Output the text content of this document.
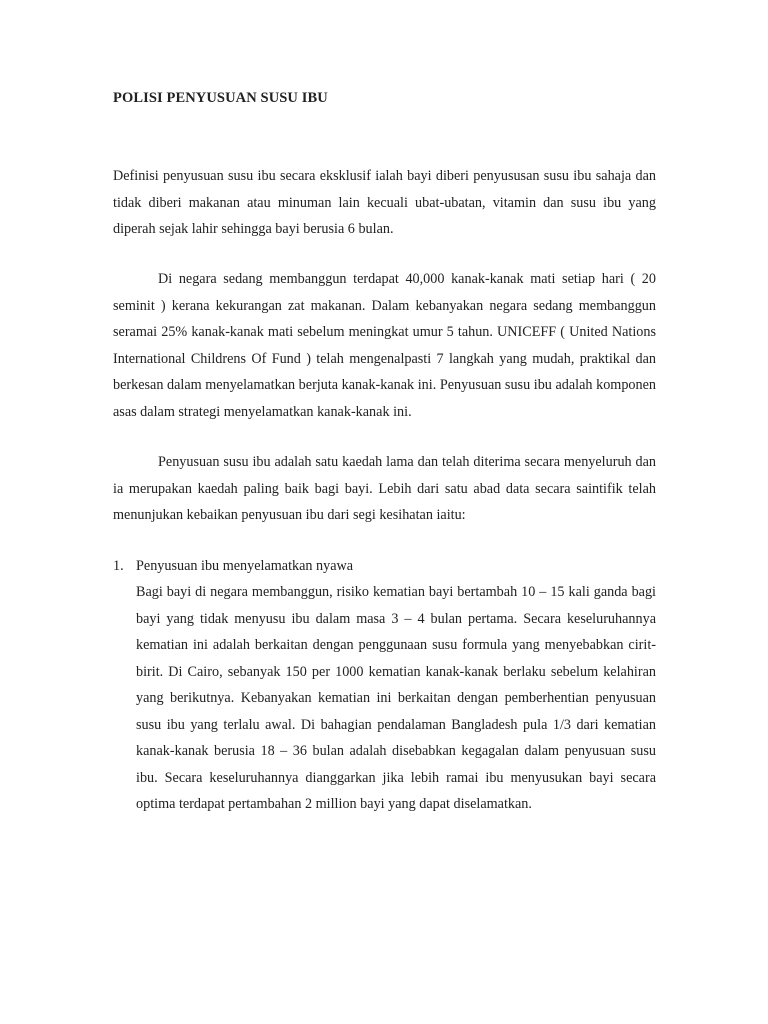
POLISI PENYUSUAN SUSU IBU

Definisi penyusuan susu ibu secara eksklusif ialah bayi diberi penyususan susu ibu sahaja dan tidak diberi makanan atau minuman lain kecuali ubat-ubatan, vitamin dan susu ibu yang diperah sejak lahir sehingga bayi berusia 6 bulan.

Di negara sedang membanggun terdapat 40,000 kanak-kanak mati setiap hari ( 20 seminit ) kerana kekurangan zat makanan. Dalam kebanyakan negara sedang membanggun seramai 25% kanak-kanak mati sebelum meningkat umur 5 tahun. UNICEFF ( United Nations International Childrens Of Fund ) telah mengenalpasti 7 langkah yang mudah, praktikal dan berkesan dalam menyelamatkan berjuta kanak-kanak ini. Penyusuan susu ibu adalah komponen asas dalam strategi menyelamatkan kanak-kanak ini.

Penyusuan susu ibu adalah satu kaedah lama dan telah diterima secara menyeluruh dan ia merupakan kaedah paling baik bagi bayi. Lebih dari satu abad data secara saintifik telah menunjukan kebaikan penyusuan ibu dari segi kesihatan iaitu:

1. Penyusuan ibu menyelamatkan nyawa

Bagi bayi di negara membanggun, risiko kematian bayi bertambah 10 – 15 kali ganda bagi bayi yang tidak menyusu ibu dalam masa 3 – 4 bulan pertama. Secara keseluruhannya kematian ini adalah berkaitan dengan penggunaan susu formula yang menyebabkan cirit-birit. Di Cairo, sebanyak 150 per 1000 kematian kanak-kanak berlaku sebelum kelahiran yang berikutnya. Kebanyakan kematian ini berkaitan dengan pemberhentian penyusuan susu ibu yang terlalu awal. Di bahagian pendalaman Bangladesh pula 1/3 dari kematian kanak-kanak berusia 18 – 36 bulan adalah disebabkan kegagalan dalam penyusuan susu ibu. Secara keseluruhannya dianggarkan jika lebih ramai ibu menyusukan bayi secara optima terdapat pertambahan 2 million bayi yang dapat diselamatkan.
